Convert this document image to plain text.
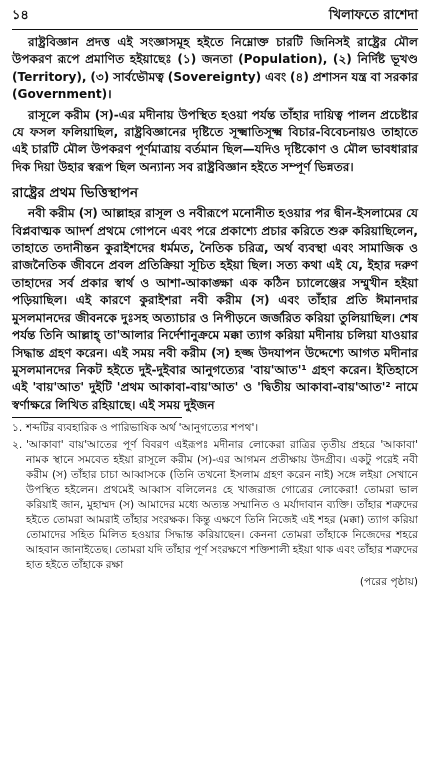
১৪	খিলাফতে রাশেদা

রাষ্ট্রবিজ্ঞান প্রদত্ত এই সংজ্ঞাসমূহ হইতে নিম্নোক্ত চারটি জিনিসই রাষ্ট্রের মৌল উপকরণ রূপে প্রমাণিত হইয়াছেঃ (১) জনতা (Population), (২) নির্দিষ্ট ভূখণ্ড (Territory), (৩) সার্বভৌমত্ব (Sovereignty) এবং (৪) প্রশাসন যন্ত্র বা সরকার (Government)।

রাসূলে করীম (স)-এর মদীনায় উপস্থিত হওয়া পর্যন্ত তাঁহার দায়িত্ব পালন প্রচেষ্টার যে ফসল ফলিয়াছিল, রাষ্ট্রবিজ্ঞানের দৃষ্টিতে সূক্ষ্মাতিসূক্ষ্ম বিচার-বিবেচনায়ও তাহাতে এই চারটি মৌল উপকরণ পূর্ণমাত্রায় বর্তমান ছিল—যদিও দৃষ্টিকোণ ও মৌল ভাবধারার দিক দিয়া উহার স্বরূপ ছিল অন্যান্য সব রাষ্ট্রবিজ্ঞান হইতে সম্পূর্ণ ভিন্নতর।

রাষ্ট্রের প্রথম ভিত্তিস্থাপন

নবী করীম (স) আল্লাহর রাসূল ও নবীরূপে মনোনীত হওয়ার পর দ্বীন-ইসলামের যে বিপ্লবাত্মক আদর্শ প্রথমে গোপনে এবং পরে প্রকাশ্যে প্রচার করিতে শুরু করিয়াছিলেন, তাহাতে তদানীন্তন কুরাইশদের ধর্মমত, নৈতিক চরিত্র, অর্থ ব্যবস্থা এবং সামাজিক ও রাজনৈতিক জীবনে প্রবল প্রতিক্রিয়া সূচিত হইয়া ছিল। সত্য কথা এই যে, ইহার দরুণ তাহাদের সর্ব প্রকার স্বার্থ ও আশা-আকাঙ্ক্ষা এক কঠিন চ্যালেঞ্জের সম্মুখীন হইয়া পড়িয়াছিল। এই কারণে কুরাইশরা নবী করীম (স) এবং তাঁহার প্রতি ঈমানদার মুসলমানদের জীবনকে দুঃসহ অত্যাচার ও নিপীড়নে জর্জরিত করিয়া তুলিয়াছিল। শেষ পর্যন্ত তিনি আল্লাহ্ তা'আলার নির্দেশানুক্রমে মক্কা ত্যাগ করিয়া মদীনায় চলিয়া যাওয়ার সিদ্ধান্ত গ্রহণ করেন। এই সময় নবী করীম (স) হজ্জ উদযাপন উদ্দেশ্যে আগত মদীনার মুসলমানদের নিকট হইতে দুই-দুইবার আনুগত্যের 'বায়'আত'¹ গ্রহণ করেন। ইতিহাসে এই 'বায়'আত' দুইটি 'প্রথম আকাবা-বায়'আত' ও 'দ্বিতীয় আকাবা-বায়'আত'² নামে স্বর্ণাক্ষরে লিখিত রহিয়াছে। এই সময় দুইজন

১. শব্দটির ব্যবহারিক ও পারিভাষিক অর্থ 'আনুগত্যের শপথ'।
২. 'আকাবা' বায়'আতের পূর্ণ বিবরণ এইরূপঃ মদীনার লোকেরা রাত্রির তৃতীয় প্রহরে 'আকাবা' নামক স্থানে সমবেত হইয়া রাসূলে করীম (স)-এর আগমন প্রতীক্ষায় উদগ্রীব। একটু পরেই নবী করীম (স) তাঁহার চাচা আব্বাসকে (তিনি তখনো ইসলাম গ্রহণ করেন নাই) সঙ্গে লইয়া সেখানে উপস্থিত হইলেন। প্রথমেই আব্বাস বলিলেনঃ হে খাজরাজ গোত্রের লোকেরা! তোমরা ভাল করিয়াই জান, মুহাম্মদ (স) আমাদের মধ্যে অত্যন্ত সম্মানিত ও মর্যাদাবান ব্যক্তি। তাঁহার শত্রুদের হইতে তোমরা আমরাই তাঁহার সংরক্ষক। কিন্তু এক্ষণে তিনি নিজেই এই শহর (মক্কা) ত্যাগ করিয়া তোমাদের সহিত মিলিত হওয়ার সিদ্ধান্ত করিয়াছেন। কেননা তোমরা তাঁহাকে নিজেদের শহরে আহবান জানাইতেছ। তোমরা যদি তাঁহার পূর্ণ সংরক্ষণে শক্তিশালী হইয়া থাক এবং তাঁহার শত্রুদের হাত হইতে তাঁহাকে রক্ষা
(পরের পৃষ্ঠায়)
